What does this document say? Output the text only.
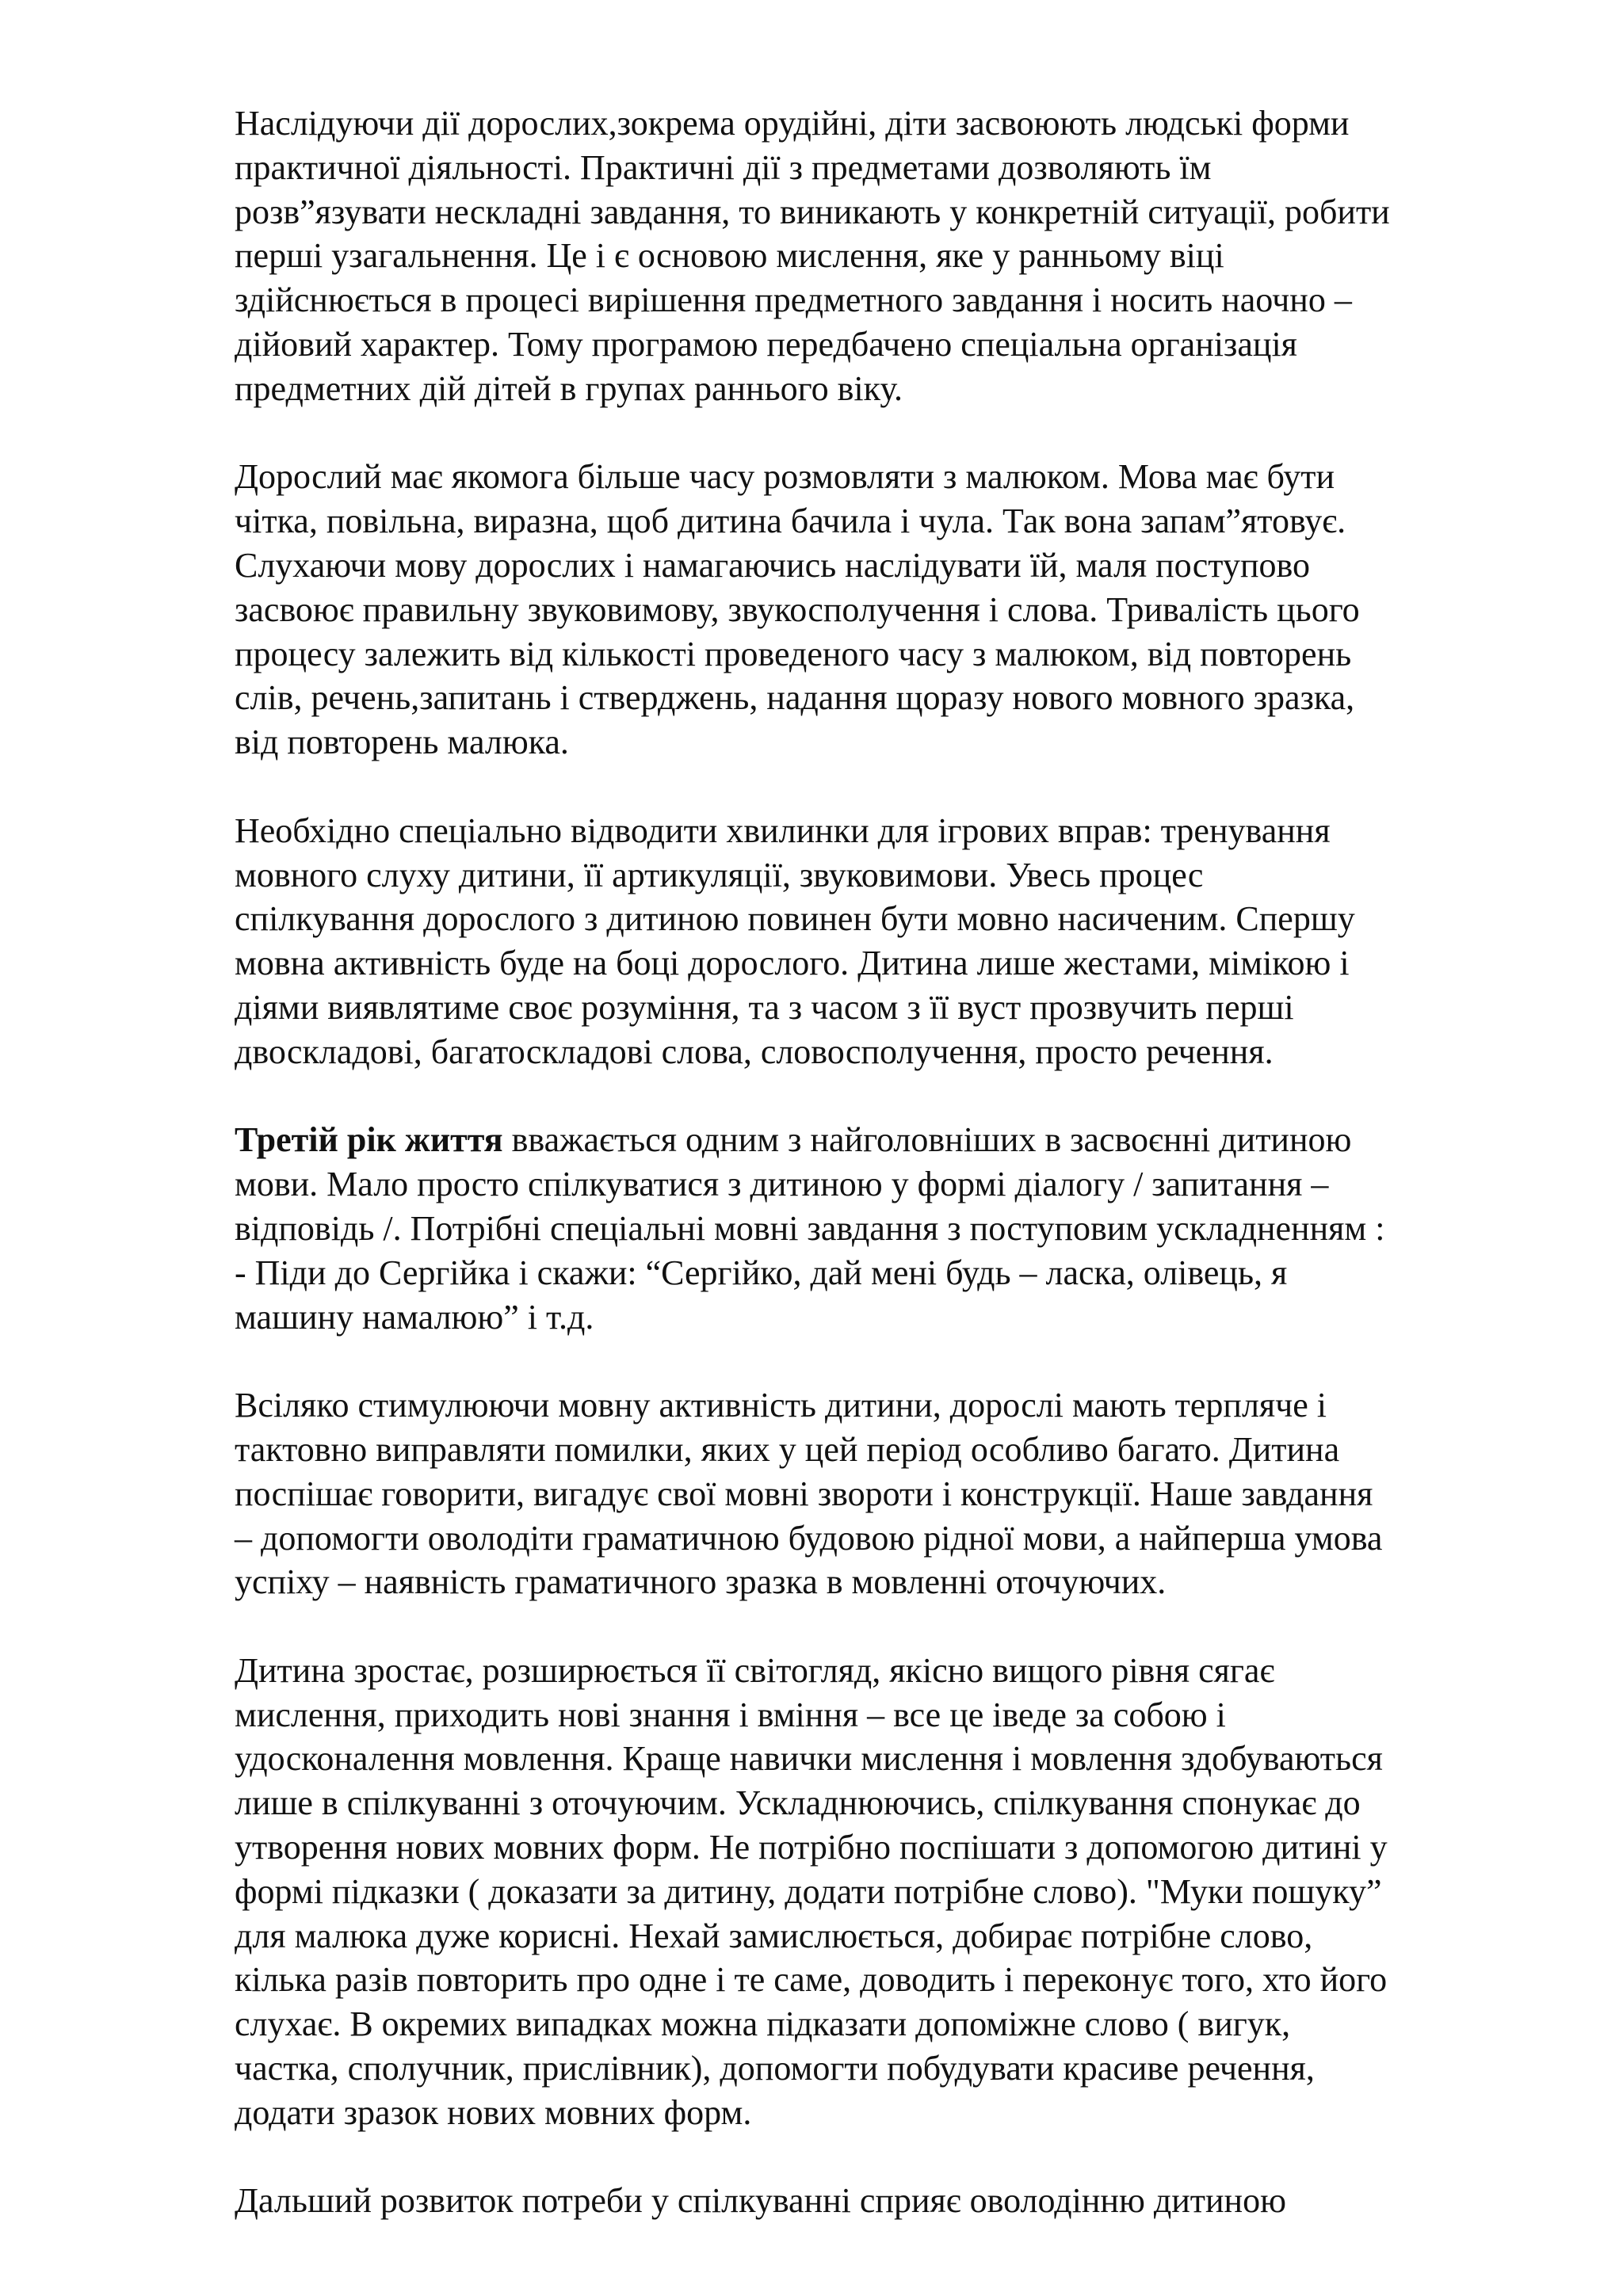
Наслідуючи дії дорослих,зокрема орудійні, діти засвоюють людські форми
практичної діяльності. Практичні дії з предметами дозволяють їм
розв”язувати нескладні завдання, то виникають у конкретній ситуації, робити
перші узагальнення. Це і є основою мислення, яке у ранньому віці
здійснюється в процесі вирішення предметного завдання і носить наочно –
дійовий характер. Тому програмою передбачено спеціальна організація
предметних дій дітей в групах раннього віку.

Дорослий має якомога більше часу розмовляти з малюком. Мова має бути
чітка, повільна, виразна, щоб дитина бачила і чула. Так вона запам”ятовує.
Слухаючи мову дорослих і намагаючись наслідувати їй, маля поступово
засвоює правильну звуковимову, звукосполучення і слова. Тривалість цього
процесу залежить від кількості проведеного часу з малюком, від повторень
слів, речень,запитань і стверджень, надання щоразу нового мовного зразка,
від повторень малюка.

Необхідно спеціально відводити хвилинки для ігрових вправ: тренування
мовного слуху дитини, її артикуляції, звуковимови. Увесь процес
спілкування дорослого з дитиною повинен бути мовно насиченим. Спершу
мовна активність буде на боці дорослого. Дитина лише жестами, мімікою і
діями виявлятиме своє розуміння, та з часом з її вуст прозвучить перші
двоскладові, багатоскладові слова, словосполучення, просто речення.

Третій рік життя вважається одним з найголовніших в засвоєнні дитиною
мови. Мало просто спілкуватися з дитиною у формі діалогу / запитання –
відповідь /. Потрібні спеціальні мовні завдання з поступовим ускладненням :
- Піди до Сергійка і скажи: “Сергійко, дай мені будь – ласка, олівець, я
машину намалюю” і т.д.

Всіляко стимулюючи мовну активність дитини, дорослі мають терпляче і
тактовно виправляти помилки, яких у цей період особливо багато. Дитина
поспішає говорити, вигадує свої мовні звороти і конструкції. Наше завдання
– допомогти оволодіти граматичною будовою рідної мови, а найперша умова
успіху – наявність граматичного зразка в мовленні оточуючих.

Дитина зростає, розширюється її світогляд, якісно вищого рівня сягає
мислення, приходить нові знання і вміння – все це іведе за собою і
удосконалення мовлення. Краще навички мислення і мовлення здобуваються
лише в спілкуванні з оточуючим. Ускладнюючись, спілкування спонукає до
утворення нових мовних форм. Не потрібно поспішати з допомогою дитині у
формі підказки ( доказати за дитину, додати потрібне слово). "Муки пошуку”
для малюка дуже корисні. Нехай замислюється, добирає потрібне слово,
кілька разів повторить про одне і те саме, доводить і переконує того, хто його
слухає. В окремих випадках можна підказати допоміжне слово ( вигук,
частка, сполучник, прислівник), допомогти побудувати красиве речення,
додати зразок нових мовних форм.

Дальший розвиток потреби у спілкуванні сприяє оволодінню дитиною
